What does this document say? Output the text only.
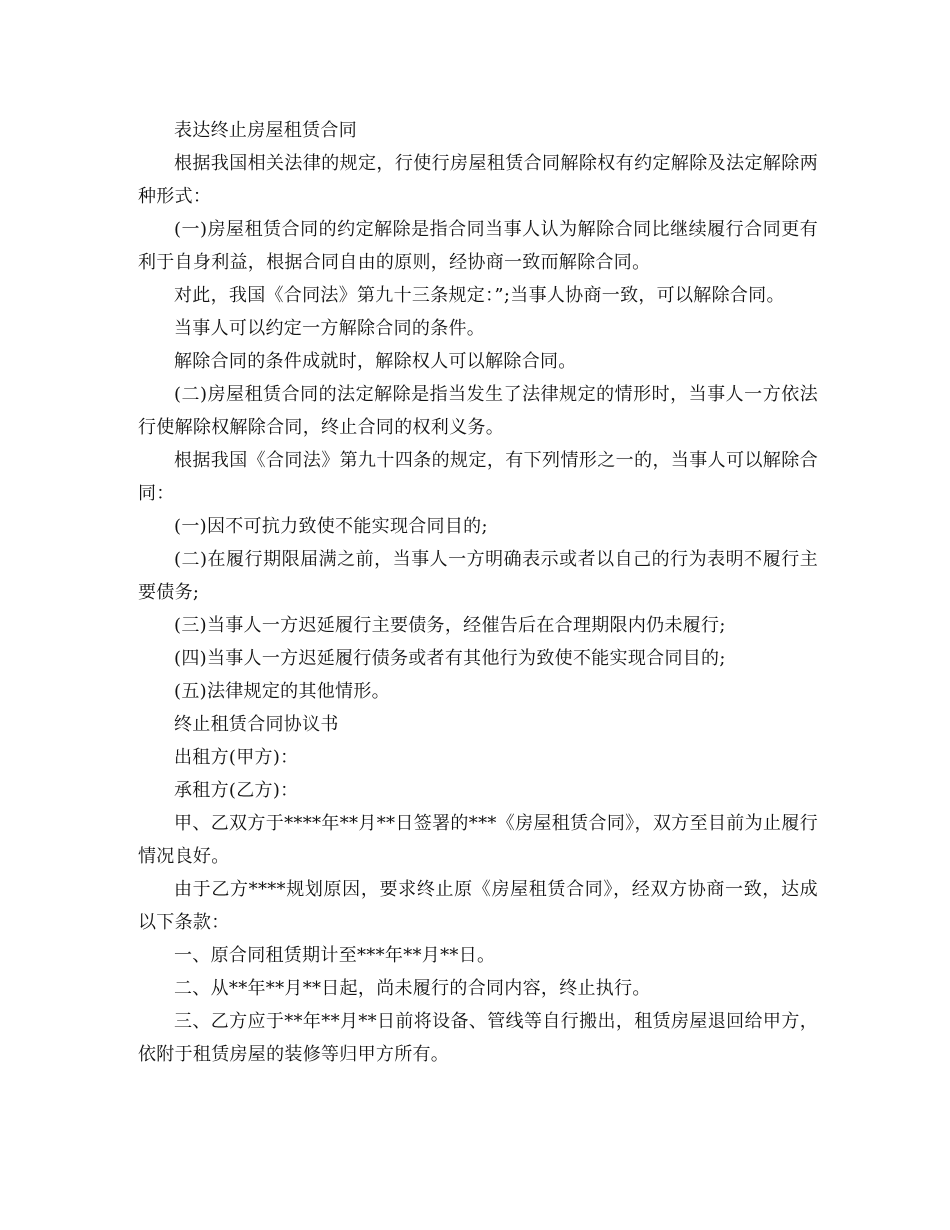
表达终止房屋租赁合同

根据我国相关法律的规定，行使行房屋租赁合同解除权有约定解除及法定解除两种形式：

(一)房屋租赁合同的约定解除是指合同当事人认为解除合同比继续履行合同更有利于自身利益，根据合同自由的原则，经协商一致而解除合同。

对此，我国《合同法》第九十三条规定：”;当事人协商一致，可以解除合同。

当事人可以约定一方解除合同的条件。

解除合同的条件成就时，解除权人可以解除合同。

(二)房屋租赁合同的法定解除是指当发生了法律规定的情形时，当事人一方依法行使解除权解除合同，终止合同的权利义务。

根据我国《合同法》第九十四条的规定，有下列情形之一的，当事人可以解除合同：

(一)因不可抗力致使不能实现合同目的;

(二)在履行期限届满之前，当事人一方明确表示或者以自己的行为表明不履行主要债务;

(三)当事人一方迟延履行主要债务，经催告后在合理期限内仍未履行;

(四)当事人一方迟延履行债务或者有其他行为致使不能实现合同目的;

(五)法律规定的其他情形。

终止租赁合同协议书

出租方(甲方)：

承租方(乙方)：

甲、乙双方于****年**月**日签署的***《房屋租赁合同》，双方至目前为止履行情况良好。

由于乙方****规划原因，要求终止原《房屋租赁合同》，经双方协商一致，达成以下条款：

一、原合同租赁期计至***年**月**日。

二、从**年**月**日起，尚未履行的合同内容，终止执行。

三、乙方应于**年**月**日前将设备、管线等自行搬出，租赁房屋退回给甲方，依附于租赁房屋的装修等归甲方所有。
